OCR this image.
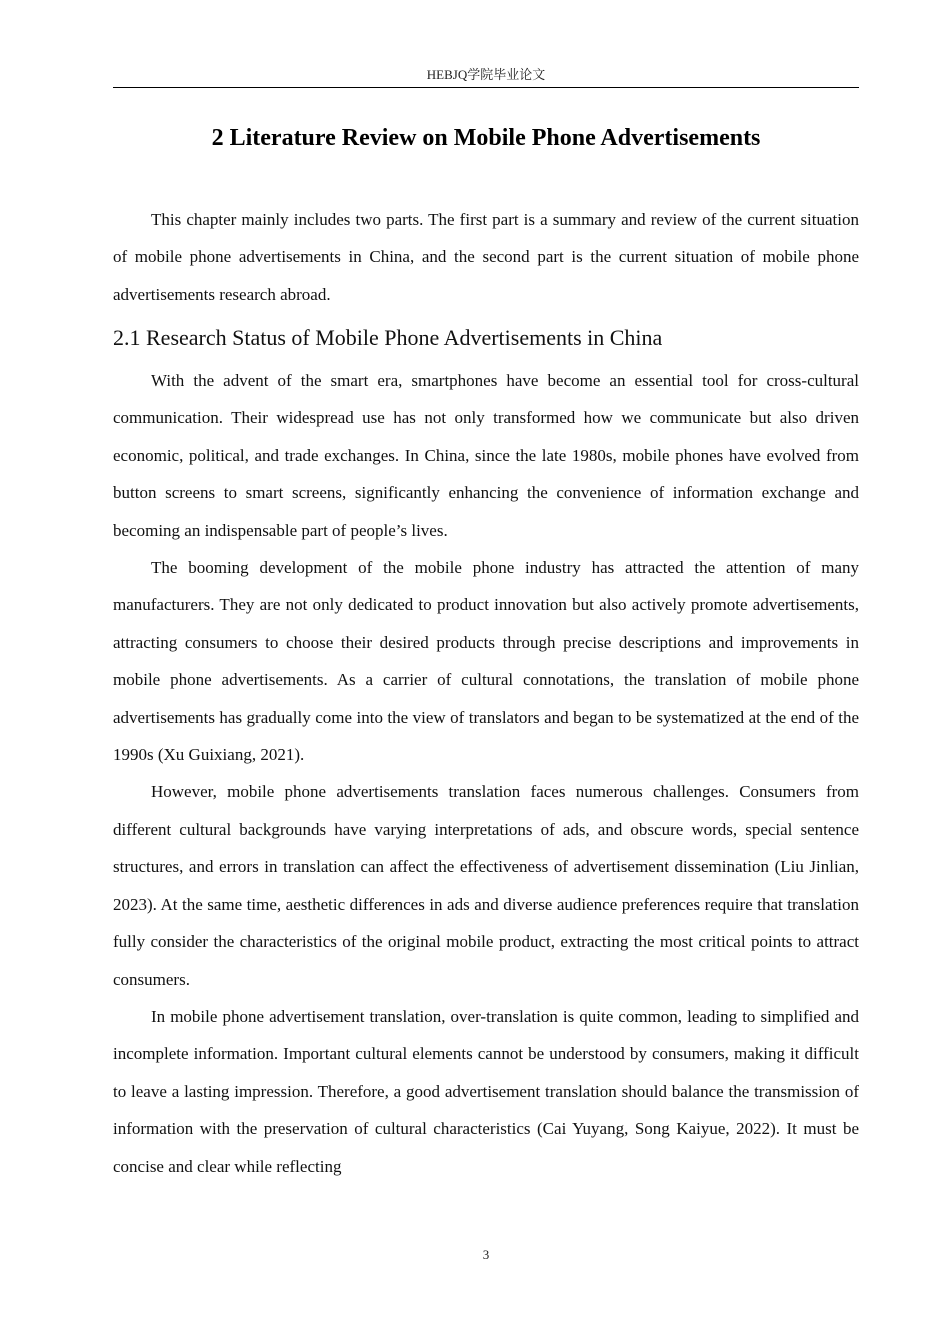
HEBJQ学院毕业论文
2 Literature Review on Mobile Phone Advertisements

This chapter mainly includes two parts. The first part is a summary and review of the current situation of mobile phone advertisements in China, and the second part is the current situation of mobile phone advertisements research abroad.

2.1 Research Status of Mobile Phone Advertisements in China

With the advent of the smart era, smartphones have become an essential tool for cross-cultural communication. Their widespread use has not only transformed how we communicate but also driven economic, political, and trade exchanges. In China, since the late 1980s, mobile phones have evolved from button screens to smart screens, significantly enhancing the convenience of information exchange and becoming an indispensable part of people’s lives.

The booming development of the mobile phone industry has attracted the attention of many manufacturers. They are not only dedicated to product innovation but also actively promote advertisements, attracting consumers to choose their desired products through precise descriptions and improvements in mobile phone advertisements. As a carrier of cultural connotations, the translation of mobile phone advertisements has gradually come into the view of translators and began to be systematized at the end of the 1990s (Xu Guixiang, 2021).

However, mobile phone advertisements translation faces numerous challenges. Consumers from different cultural backgrounds have varying interpretations of ads, and obscure words, special sentence structures, and errors in translation can affect the effectiveness of advertisement dissemination (Liu Jinlian, 2023). At the same time, aesthetic differences in ads and diverse audience preferences require that translation fully consider the characteristics of the original mobile product, extracting the most critical points to attract consumers.

In mobile phone advertisement translation, over-translation is quite common, leading to simplified and incomplete information. Important cultural elements cannot be understood by consumers, making it difficult to leave a lasting impression. Therefore, a good advertisement translation should balance the transmission of information with the preservation of cultural characteristics (Cai Yuyang, Song Kaiyue, 2022). It must be concise and clear while reflecting

3
